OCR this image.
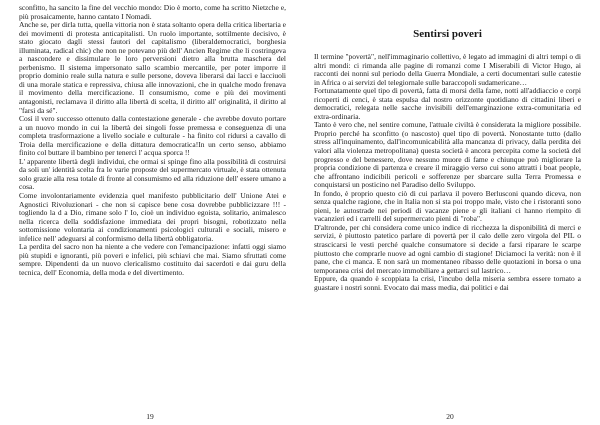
sconfitto, ha sancito la fine del vecchio mondo: Dio è morto, come ha scritto Nietzche e, più prosaicamente, hanno cantato I Nomadi.

Anche se, per dirla tutta, quella vittoria non è stata soltanto opera della critica libertaria e dei movimenti di protesta anticapitalisti. Un ruolo importante, sottilmente decisivo, è stato giocato dagli stessi fautori del capitalismo (liberaldemocratici, borghesia illuminata, radical chic) che non ne potevano più dell' Ancien Regime che li costringeva a nascondere e dissimulare le loro perversioni dietro alla brutta maschera del perbenismo. Il sistema impersonato sallo scambio mercantile, per poter imporre il proprio dominio reale sulla natura e sulle persone, doveva liberarsi dai lacci e lacciuoli di una morale statica e repressiva, chiusa alle innovazioni, che in qualche modo frenava il movimento della mercificazione. Il consumismo, come e più dei movimenti antagonisti, reclamava il diritto alla libertà di scelta, il diritto all' originalità, il diritto al "farsi da sé".

Così il vero successo ottenuto dalla contestazione generale - che avrebbe dovuto portare a un nuovo mondo in cui la libertà dei singoli fosse premessa e conseguenza di una completa trasformazione a livello sociale e culturale - ha finito col ridursi a cavallo di Troia della mercificazione e della dittatura democratica!In un certo senso, abbiamo finito col buttare il bambino per tenerci l' acqua sporca !!

L' apparente libertà degli individui, che ormai si spinge fino alla possibilità di costruirsi da soli un' identità scelta fra le varie proposte del supermercato virtuale, è stata ottenuta solo grazie alla resa totale di fronte al consumismo ed alla riduzione dell' essere umano a cosa.

Come involontariamente evidenzia quel manifesto pubblicitario dell' Unione Atei e Agnostici Rivoluzionari - che non si capisce bene cosa dovrebbe pubblicizzare !!! - togliendo la d a Dio, rimane solo l' Io, cioè un individuo egoista, solitario, animalesco nella ricerca della soddisfazione immediata dei propri bisogni, robotizzato nella sottomissione volontaria ai condizionamenti psicologici culturali e sociali, misero e infelice nell' adeguarsi al conformismo della libertà obbligatoria.

La perdita del sacro non ha niente a che vedere con l'emancipazione: infatti oggi siamo più stupidi e ignoranti, più poveri e infelici, più schiavi che mai. Siamo sfruttati come sempre. Dipendenti da un nuovo clericalismo costituito dai sacerdoti e dai guru della tecnica, dell' Economia, della moda e del divertimento.

19
Sentirsi poveri

Il termine "povertà", nell'immaginario collettivo, è legato ad immagini di altri tempi o di altri mondi: ci rimanda alle pagine di romanzi come I Miserabili di Victor Hugo, ai racconti dei nonni sul periodo della Guerra Mondiale, a certi documentari sulle catestie in Africa o ai servizi del telegiornale sulle baraccopoli sudamericane…

Fortunatamente quel tipo di povertà, fatta di morsi della fame, notti all'addiaccio e corpi ricoperti di cenci, è stata espulsa dal nostro orizzonte quotidiano di cittadini liberi e democratici, relegata nelle sacche invisibili dell'emarginazione extra-comunitaria ed extra-ordinaria.

Tanto è vero che, nel sentire comune, l'attuale civiltà è considerata la migliore possibile. Proprio perché ha sconfitto (o nascosto) quel tipo di povertà. Nonostante tutto (dallo stress all'inquinamento, dall'incomunicabilità alla mancanza di privacy, dalla perdita dei valori alla violenza metropolitana) questa società è ancora percepita come la società del progresso e del benessere, dove nessuno muore di fame e chiunque può migliorare la propria condizione di partenza e creare il miraggio verso cui sono attratti i boat people, che affrontano indicibili pericoli e sofferenze per sbarcare sulla Terra Promessa e conquistarsi un posticino nel Paradiso dello Sviluppo.

In fondo, è proprio questo ciò di cui parlava il povero Berlusconi quando diceva, non senza qualche ragione, che in Italia non si sta poi troppo male, visto che i ristoranti sono pieni, le autostrade nei periodi di vacanze piene e gli italiani ci hanno riempito di vacanzieri ed i carrelli del supermercato pieni di "roba".

D'altronde, per chi considera come unico indice di ricchezza la disponibilità di merci e servizi, è piuttosto patetico parlare di povertà per il calo delle zero virgola del PIL o strascicarsi le vesti perché qualche consumatore si decide a farsi riparare le scarpe piuttosto che comprarle nuove ad ogni cambio di stagione! Diciamoci la verità: non è il pane, che ci manca. E non sarà un momentaneo ribasso delle quotazioni in borsa o una temporanea crisi del mercato immobiliare a gettarci sul lastrico…

Eppure, da quando è scoppiata la crisi, l'incubo della miseria sembra essere tornato a guastare i nostri sonni. Evocato dai mass media, dai politici e dai

20
